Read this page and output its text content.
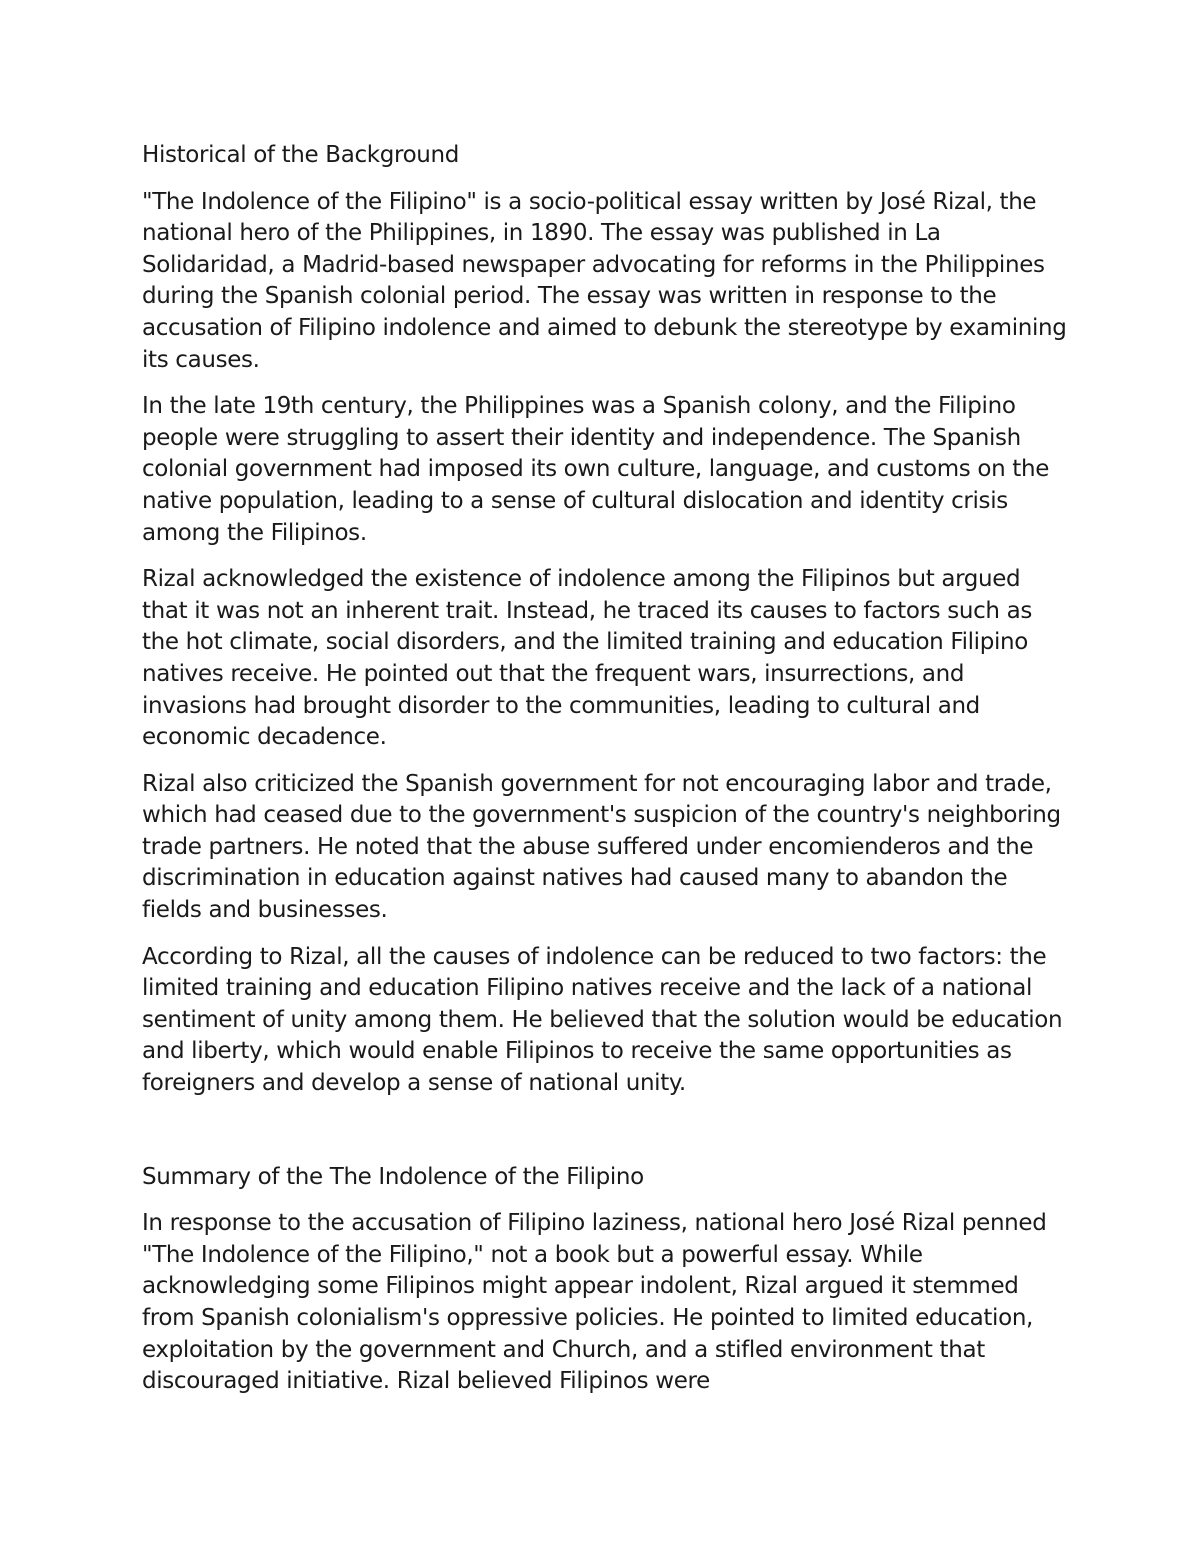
Historical of the Background

"The Indolence of the Filipino" is a socio-political essay written by José Rizal, the national hero of the Philippines, in 1890. The essay was published in La Solidaridad, a Madrid-based newspaper advocating for reforms in the Philippines during the Spanish colonial period. The essay was written in response to the accusation of Filipino indolence and aimed to debunk the stereotype by examining its causes.

In the late 19th century, the Philippines was a Spanish colony, and the Filipino people were struggling to assert their identity and independence. The Spanish colonial government had imposed its own culture, language, and customs on the native population, leading to a sense of cultural dislocation and identity crisis among the Filipinos.

Rizal acknowledged the existence of indolence among the Filipinos but argued that it was not an inherent trait. Instead, he traced its causes to factors such as the hot climate, social disorders, and the limited training and education Filipino natives receive. He pointed out that the frequent wars, insurrections, and invasions had brought disorder to the communities, leading to cultural and economic decadence.

Rizal also criticized the Spanish government for not encouraging labor and trade, which had ceased due to the government's suspicion of the country's neighboring trade partners. He noted that the abuse suffered under encomienderos and the discrimination in education against natives had caused many to abandon the fields and businesses.

According to Rizal, all the causes of indolence can be reduced to two factors: the limited training and education Filipino natives receive and the lack of a national sentiment of unity among them. He believed that the solution would be education and liberty, which would enable Filipinos to receive the same opportunities as foreigners and develop a sense of national unity.

Summary of the The Indolence of the Filipino

In response to the accusation of Filipino laziness, national hero José Rizal penned "The Indolence of the Filipino," not a book but a powerful essay. While acknowledging some Filipinos might appear indolent, Rizal argued it stemmed from Spanish colonialism's oppressive policies. He pointed to limited education, exploitation by the government and Church, and a stifled environment that discouraged initiative. Rizal believed Filipinos were
